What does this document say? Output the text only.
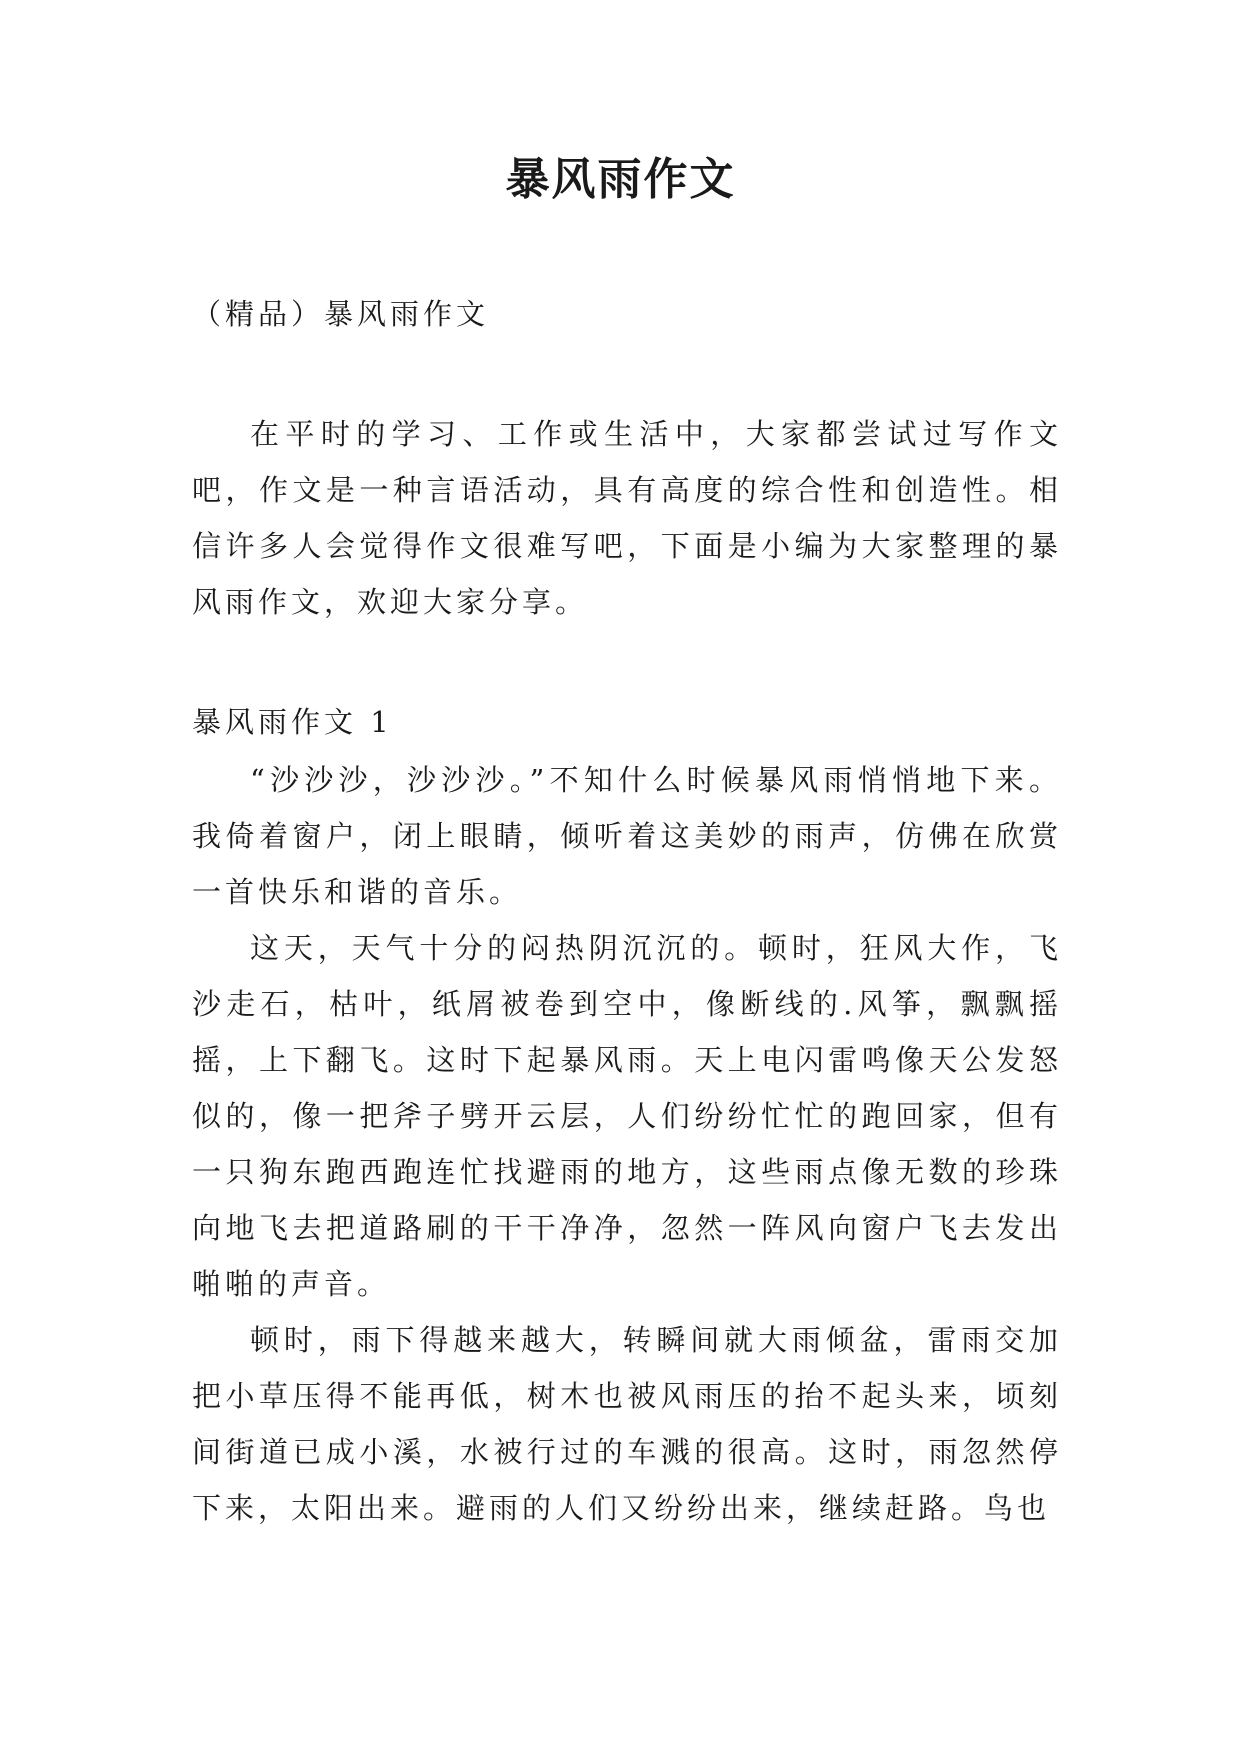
暴风雨作文
（精品）暴风雨作文

在平时的学习、工作或生活中，大家都尝试过写作文吧，作文是一种言语活动，具有高度的综合性和创造性。相信许多人会觉得作文很难写吧，下面是小编为大家整理的暴风雨作文，欢迎大家分享。

暴风雨作文 1

“沙沙沙，沙沙沙。”不知什么时候暴风雨悄悄地下来。我倚着窗户，闭上眼睛，倾听着这美妙的雨声，仿佛在欣赏一首快乐和谐的音乐。

这天，天气十分的闷热阴沉沉的。顿时，狂风大作，飞沙走石，枯叶，纸屑被卷到空中，像断线的.风筝，飘飘摇摇，上下翻飞。这时下起暴风雨。天上电闪雷鸣像天公发怒似的，像一把斧子劈开云层，人们纷纷忙忙的跑回家，但有一只狗东跑西跑连忙找避雨的地方，这些雨点像无数的珍珠向地飞去把道路刷的干干净净，忽然一阵风向窗户飞去发出啪啪的声音。

顿时，雨下得越来越大，转瞬间就大雨倾盆，雷雨交加把小草压得不能再低，树木也被风雨压的抬不起头来，顷刻间街道已成小溪，水被行过的车溅的很高。这时，雨忽然停下来，太阳出来。避雨的人们又纷纷出来，继续赶路。鸟也
